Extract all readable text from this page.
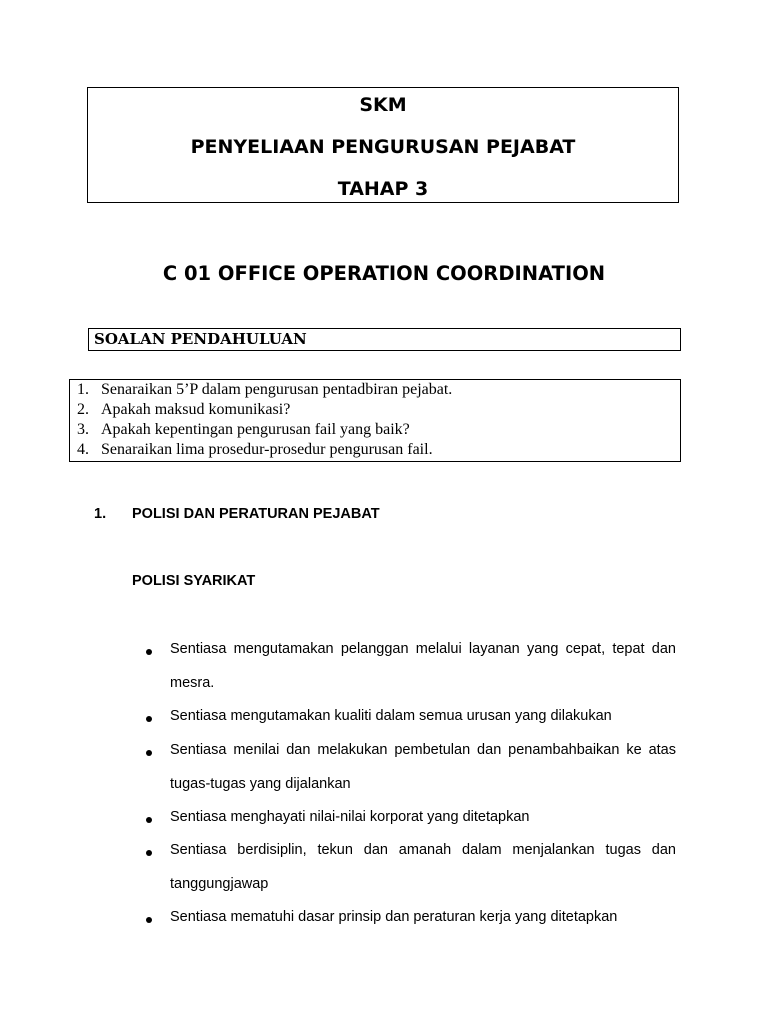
SKM
PENYELIAAN PENGURUSAN PEJABAT
TAHAP 3
C 01 OFFICE OPERATION COORDINATION
SOALAN PENDAHULUAN
1. Senaraikan 5’P dalam pengurusan pentadbiran pejabat.
2. Apakah maksud komunikasi?
3. Apakah kepentingan pengurusan fail yang baik?
4. Senaraikan lima prosedur-prosedur pengurusan fail.
1. POLISI DAN PERATURAN PEJABAT
POLISI SYARIKAT
Sentiasa mengutamakan pelanggan melalui layanan yang cepat, tepat dan mesra.
Sentiasa mengutamakan kualiti dalam semua urusan yang dilakukan
Sentiasa menilai dan melakukan pembetulan dan penambahbaikan ke atas tugas-tugas yang dijalankan
Sentiasa menghayati nilai-nilai korporat yang ditetapkan
Sentiasa berdisiplin, tekun dan amanah dalam menjalankan tugas dan tanggungjawap
Sentiasa mematuhi dasar prinsip dan peraturan kerja yang ditetapkan
